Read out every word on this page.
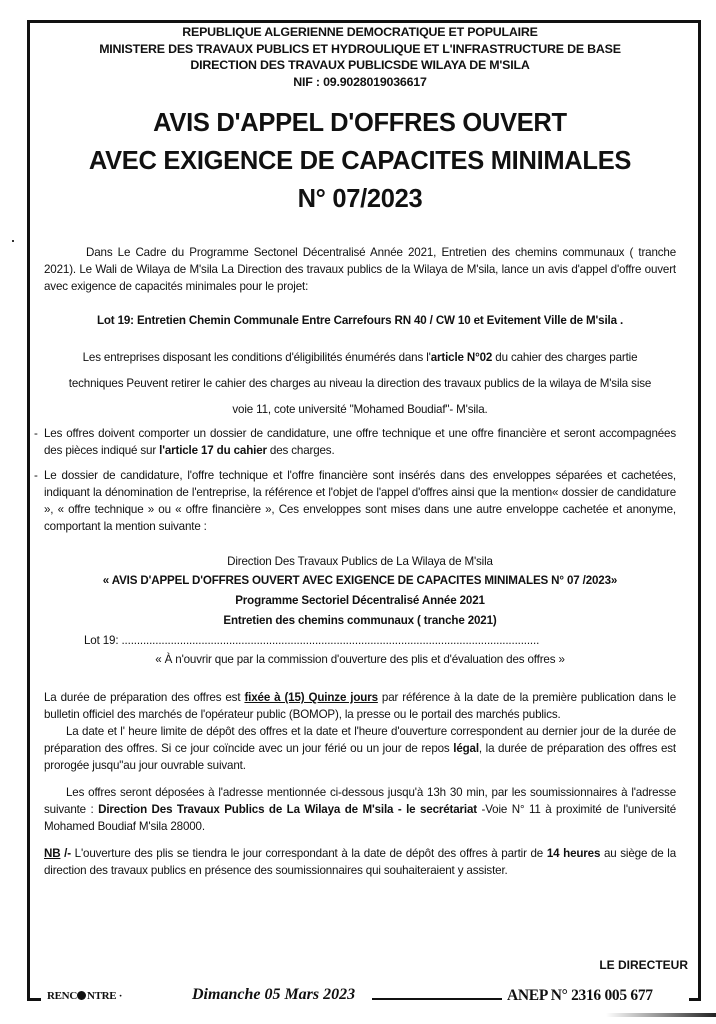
REPUBLIQUE ALGERIENNE DEMOCRATIQUE ET POPULAIRE
MINISTERE DES TRAVAUX PUBLICS ET HYDROULIQUE ET L'INFRASTRUCTURE DE BASE
DIRECTION DES TRAVAUX PUBLICSDE WILAYA DE M'SILA
NIF : 09.9028019036617
AVIS D'APPEL D'OFFRES OUVERT
AVEC EXIGENCE DE CAPACITES MINIMALES
N° 07/2023
Dans Le Cadre du Programme Sectonel Décentralisé Année 2021, Entretien des chemins communaux ( tranche 2021). Le Wali de Wilaya de M'sila La Direction des travaux publics de la Wilaya de M'sila, lance un avis d'appel d'offre ouvert avec exigence de capacités minimales pour le projet:
Lot 19: Entretien Chemin Communale Entre Carrefours RN 40 / CW 10 et Evitement Ville de M'sila .
Les entreprises disposant les conditions d'éligibilités énumérés dans l'article N°02 du cahier des charges partie
techniques Peuvent retirer le cahier des charges au niveau la direction des travaux publics de la wilaya de M'sila sise
voie 11, cote université "Mohamed Boudiaf"- M'sila.
- Les offres doivent comporter un dossier de candidature, une offre technique et une offre financière et seront accompagnées des pièces indiqué sur l'article 17 du cahier des charges.
- Le dossier de candidature, l'offre technique et l'offre financière sont insérés dans des enveloppes séparées et cachetées, indiquant la dénomination de l'entreprise, la référence et l'objet de l'appel d'offres ainsi que la mention« dossier de candidature », « offre technique » ou « offre financière », Ces enveloppes sont mises dans une autre enveloppe cachetée et anonyme, comportant la mention suivante :
Direction Des Travaux Publics de La Wilaya de M'sila
« AVIS D'APPEL D'OFFRES OUVERT AVEC EXIGENCE DE CAPACITES MINIMALES N° 07 /2023»
Programme Sectoriel Décentralisé Année 2021
Entretien des chemins communaux ( tranche 2021)
Lot 19: ........................................................................................................................................
« À n'ouvrir que par la commission d'ouverture des plis et d'évaluation des offres »
La durée de préparation des offres est fixée à (15) Quinze jours par référence à la date de la première publication dans le bulletin officiel des marchés de l'opérateur public (BOMOP), la presse ou le portail des marchés publics.
La date et l' heure limite de dépôt des offres et la date et l'heure d'ouverture correspondent au dernier jour de la durée de préparation des offres. Si ce jour coïncide avec un jour férié ou un jour de repos légal, la durée de préparation des offres est prorogée jusqu"au jour ouvrable suivant.
Les offres seront déposées à l'adresse mentionnée ci-dessous jusqu'à 13h 30 min, par les soumissionnaires à l'adresse suivante : Direction Des Travaux Publics de La Wilaya de M'sila - le secrétariat -Voie N° 11 à proximité de l'université Mohamed Boudiaf M'sila 28000.
NB /- L'ouverture des plis se tiendra le jour correspondant à la date de dépôt des offres à partir de 14 heures au siège de la direction des travaux publics en présence des soumissionnaires qui souhaiteraient y assister.
LE DIRECTEUR
RENC NTRE ·	Dimanche 05 Mars 2023	ANEP N° 2316 005 677
